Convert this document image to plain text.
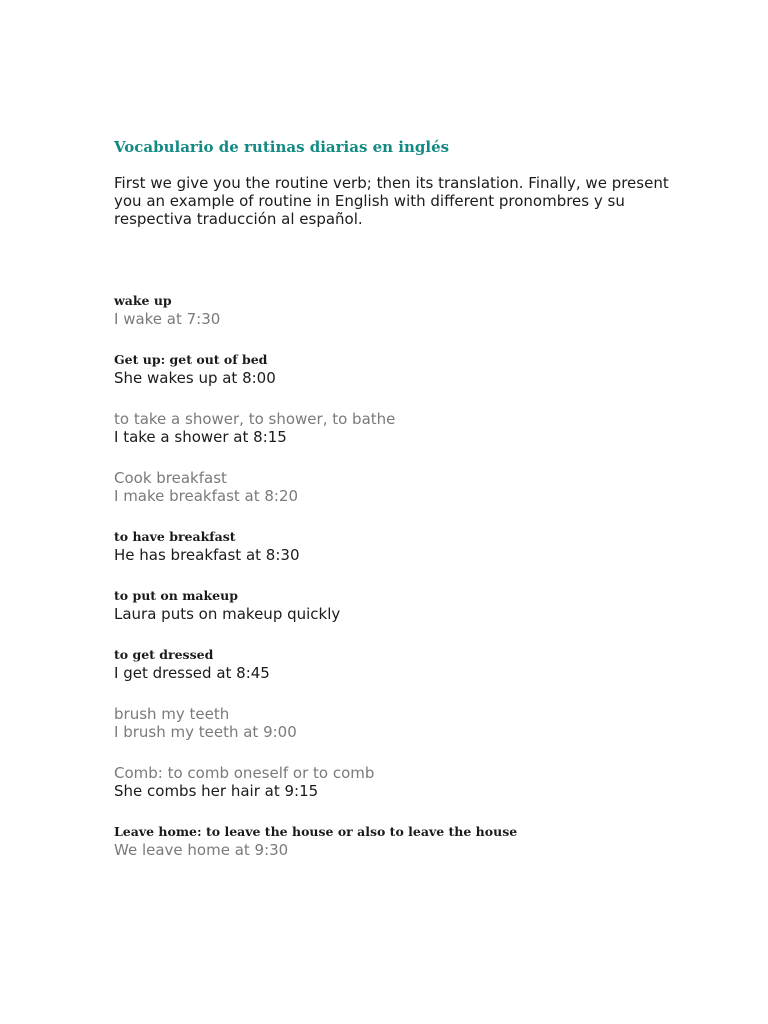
Vocabulario de rutinas diarias en inglés

First we give you the routine verb; then its translation. Finally, we present you an example of routine in English with different pronombres y su respectiva traducción al español.

wake up
I wake at 7:30
Get up: get out of bed
She wakes up at 8:00
to take a shower, to shower, to bathe
I take a shower at 8:15
Cook breakfast
I make breakfast at 8:20
to have breakfast
He has breakfast at 8:30
to put on makeup
Laura puts on makeup quickly
to get dressed
I get dressed at 8:45
brush my teeth
I brush my teeth at 9:00
Comb: to comb oneself or to comb
She combs her hair at 9:15
Leave home: to leave the house or also to leave the house
We leave home at 9:30
